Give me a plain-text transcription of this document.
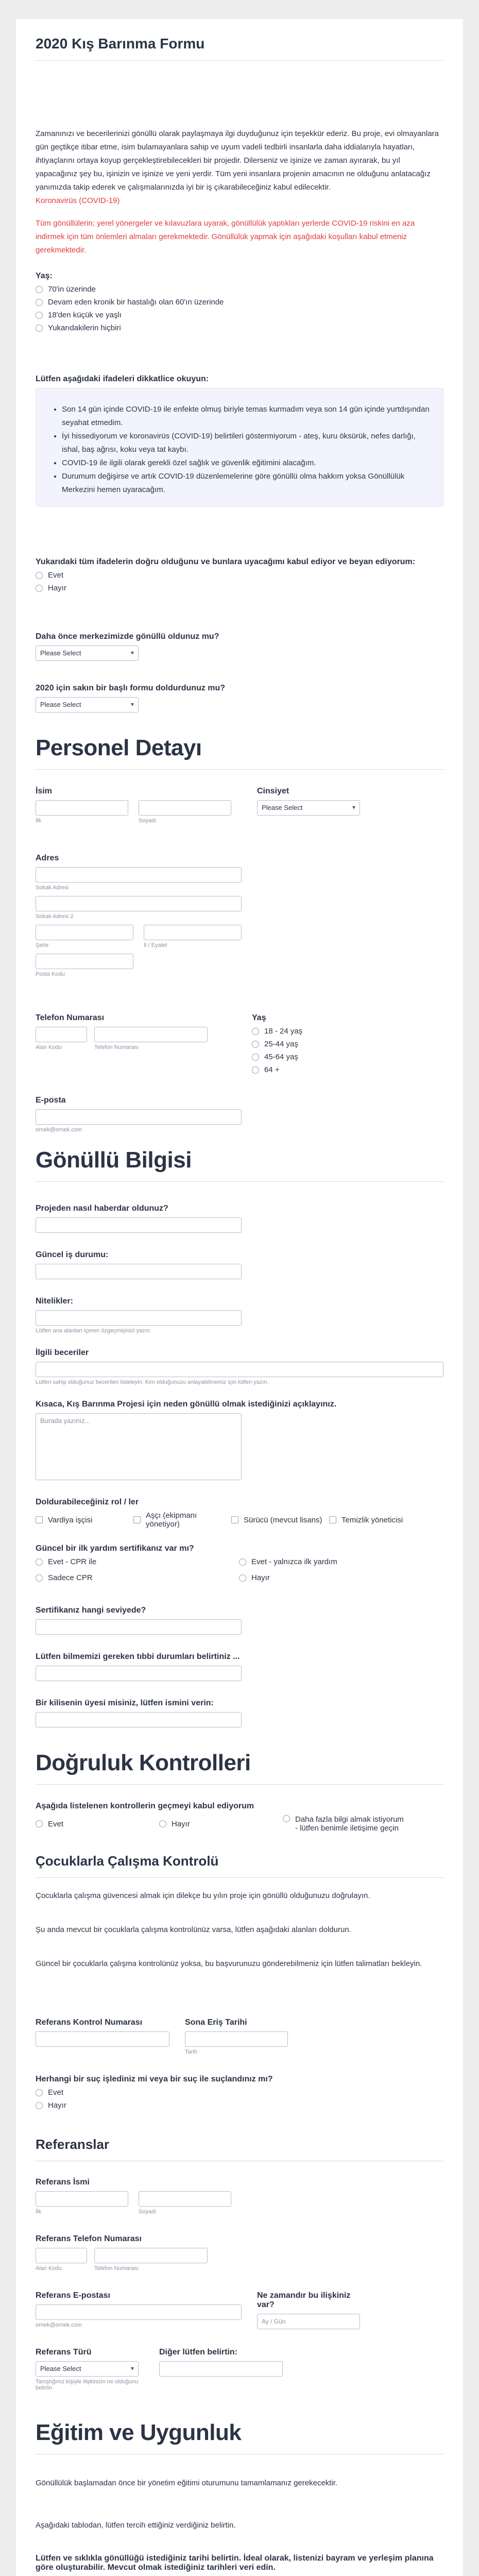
2020 Kış Barınma Formu

Zamanınızı ve becerilerinizi gönüllü olarak paylaşmaya ilgi duyduğunuz için teşekkür ederiz. Bu proje, evi olmayanlara gün geçtikçe itibar etme, isim bulamayanlara sahip ve uyum vadeli tedbirli insanlarla daha iddialarıyla hayatları, ihtiyaçlarını ortaya koyup gerçekleştirebilecekleri bir projedir. Dilerseniz ve işinize ve zaman ayırarak, bu yıl yapacağınız şey bu, işinizin ve işinize ve yeni yerdir. Tüm yeni insanlara projenin amacının ne olduğunu anlatacağız yanımızda takip ederek ve çalışmalarınızda iyi bir iş çıkarabileceğiniz kabul edilecektir.

Koronavirüs (COVID-19)

Tüm gönüllülerin; yerel yönergeler ve kılavuzlara uyarak, gönüllülük yaptıkları yerlerde COVID-19 riskini en aza indirmek için tüm önlemleri almaları gerekmektedir. Gönüllülük yapmak için aşağıdaki koşulları kabul etmeniz gerekmektedir.

Yaş:
70'in üzerinde
Devam eden kronik bir hastalığı olan 60'ın üzerinde
18'den küçük ve yaşlı
Yukarıdakilerin hiçbiri
Lütfen aşağıdaki ifadeleri dikkatlice okuyun:
• Son 14 gün içinde COVID-19 ile enfekte olmuş biriyle temas kurmadım veya son 14 gün içinde yurtdışından seyahat etmedim.
• İyi hissediyorum ve koronavirüs (COVID-19) belirtileri göstermiyorum - ateş, kuru öksürük, nefes darlığı, ishal, baş ağrısı, koku veya tat kaybı.
• COVID-19 ile ilgili olarak gerekli özel sağlık ve güvenlik eğitimini alacağım.
• Durumum değişirse ve artık COVID-19 düzenlemelerine göre gönüllü olma hakkım yoksa Gönüllülük Merkezini hemen uyaracağım.
Yukarıdaki tüm ifadelerin doğru olduğunu ve bunlara uyacağımı kabul ediyor ve beyan ediyorum:
Evet
Hayır
Daha önce merkezimizde gönüllü oldunuz mu?
Please Select ▾
2020 için sakın bir başlı formu doldurdunuz mu?
Please Select ▾
Personel Detayı
İsim
İlk	Soyadı
Cinsiyet
Please Select ▾
Adres
Sokak Adresi
Sokak Adresi 2
Şehir	İl / Eyalet
Posta Kodu
Telefon Numarası
Alan Kodu	Telefon Numarası
Yaş
18 - 24 yaş
25-44 yaş
45-64 yaş
64 +
E-posta
ornek@ornek.com
Gönüllü Bilgisi
Projeden nasıl haberdar oldunuz?
Güncel iş durumu:
Nitelikler:
Lütfen ana alanları içeren özgeçmişinizi yazın
İlgili beceriler
Lütfen sahip olduğunuz becerileri listeleyin. Kim olduğunuzu anlayabilmemiz için lütfen yazın.
Kısaca, Kış Barınma Projesi için neden gönüllü olmak istediğinizi açıklayınız.
Burada yazınız...
Doldurabileceğiniz rol / ler
Vardiya işçisi	Aşçı (ekipmanı yönetiyor)	Sürücü (mevcut lisans) Temizlik yöneticisi
Güncel bir ilk yardım sertifikanız var mı?
Evet - CPR ile	Evet - yalnızca ilk yardım
Sadece CPR	Hayır
Sertifikanız hangi seviyede?
Lütfen bilmemizi gereken tıbbi durumları belirtiniz ...
Bir kilisenin üyesi misiniz, lütfen ismini verin:
Doğruluk Kontrolleri
Aşağıda listelenen kontrollerin geçmeyi kabul ediyorum
Evet	Hayır	Daha fazla bilgi almak istiyorum - lütfen benimle iletişime geçin
Çocuklarla Çalışma Kontrolü

Çocuklarla çalışma güvencesi almak için dilekçe bu yılın proje için gönüllü olduğunuzu doğrulayın.

Şu anda mevcut bir çocuklarla çalışma kontrolünüz varsa, lütfen aşağıdaki alanları doldurun.

Güncel bir çocuklarla çalışma kontrolünüz yoksa, bu başvurunuzu gönderebilmeniz için lütfen talimatları bekleyin.

Referans Kontrol Numarası	Sona Eriş Tarihi
Tarih
Herhangi bir suç işlediniz mi veya bir suç ile suçlandınız mı?
Evet
Hayır
Referanslar
Referans İsmi
İlk	Soyadı
Referans Telefon Numarası
Alan Kodu	Telefon Numarası
Referans E-postası
ornek@ornek.com
Ne zamandır bu ilişkiniz var?
Ay / Gün
Referans Türü
Please Select ▾
Tanıştığınız kişiyle ilişkinizin ne olduğunu belirtin
Diğer lütfen belirtin:
Eğitim ve Uygunluk

Gönüllülük başlamadan önce bir yönetim eğitimi oturumunu tamamlamanız gerekecektir.

Aşağıdaki tablodan, lütfen tercih ettiğiniz verdiğiniz belirtin.

Lütfen ve sıklıkla gönüllüğü istediğiniz tarihi belirtin. İdeal olarak, listenizi bayram ve yerleşim planına göre oluşturabilir. Mevcut olmak istediğiniz tarihleri veri edin.
